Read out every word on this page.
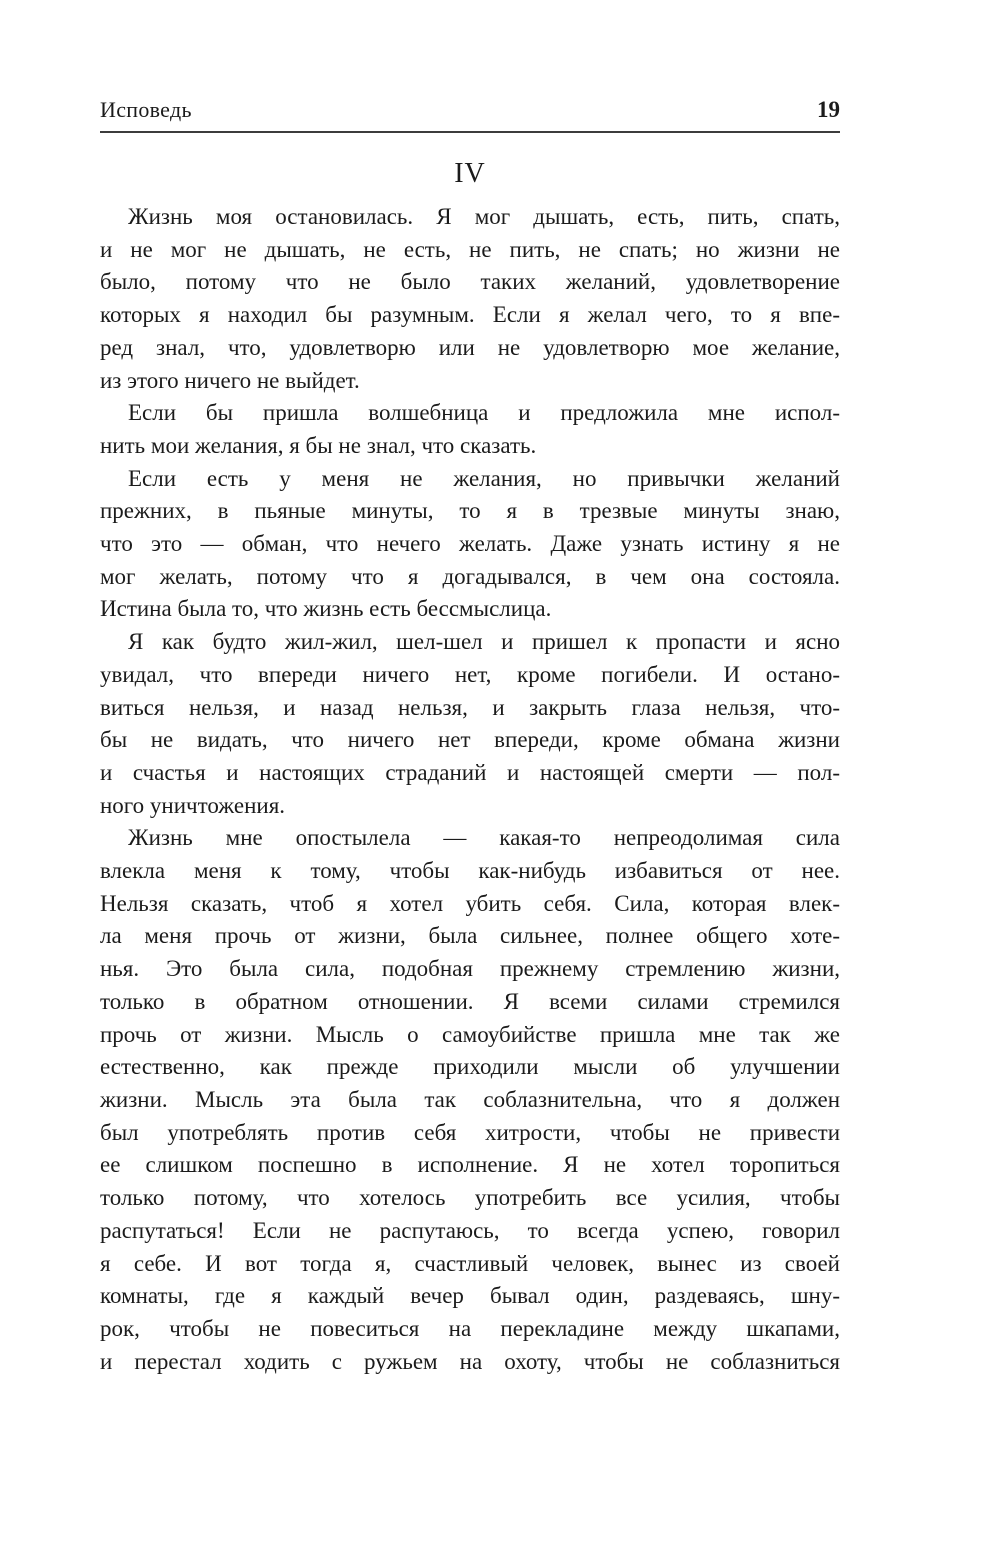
Исповедь	19
IV
Жизнь моя остановилась. Я мог дышать, есть, пить, спать,
и не мог не дышать, не есть, не пить, не спать; но жизни не
было, потому что не было таких желаний, удовлетворение
которых я находил бы разумным. Если я желал чего, то я впе-
ред знал, что, удовлетворю или не удовлетворю мое желание,
из этого ничего не выйдет.
Если бы пришла волшебница и предложила мне испол-
нить мои желания, я бы не знал, что сказать.
Если есть у меня не желания, но привычки желаний
прежних, в пьяные минуты, то я в трезвые минуты знаю,
что это — обман, что нечего желать. Даже узнать истину я не
мог желать, потому что я догадывался, в чем она состояла.
Истина была то, что жизнь есть бессмыслица.
Я как будто жил-жил, шел-шел и пришел к пропасти и ясно
увидал, что впереди ничего нет, кроме погибели. И остано-
виться нельзя, и назад нельзя, и закрыть глаза нельзя, что-
бы не видать, что ничего нет впереди, кроме обмана жизни
и счастья и настоящих страданий и настоящей смерти — пол-
ного уничтожения.
Жизнь мне опостылела — какая-то непреодолимая сила
влекла меня к тому, чтобы как-нибудь избавиться от нее.
Нельзя сказать, чтоб я хотел убить себя. Сила, которая влек-
ла меня прочь от жизни, была сильнее, полнее общего хоте-
нья. Это была сила, подобная прежнему стремлению жизни,
только в обратном отношении. Я всеми силами стремился
прочь от жизни. Мысль о самоубийстве пришла мне так же
естественно, как прежде приходили мысли об улучшении
жизни. Мысль эта была так соблазнительна, что я должен
был употреблять против себя хитрости, чтобы не привести
ее слишком поспешно в исполнение. Я не хотел торопиться
только потому, что хотелось употребить все усилия, чтобы
распутаться! Если не распутаюсь, то всегда успею, говорил
я себе. И вот тогда я, счастливый человек, вынес из своей
комнаты, где я каждый вечер бывал один, раздеваясь, шну-
рок, чтобы не повеситься на перекладине между шкапами,
и перестал ходить с ружьем на охоту, чтобы не соблазниться
